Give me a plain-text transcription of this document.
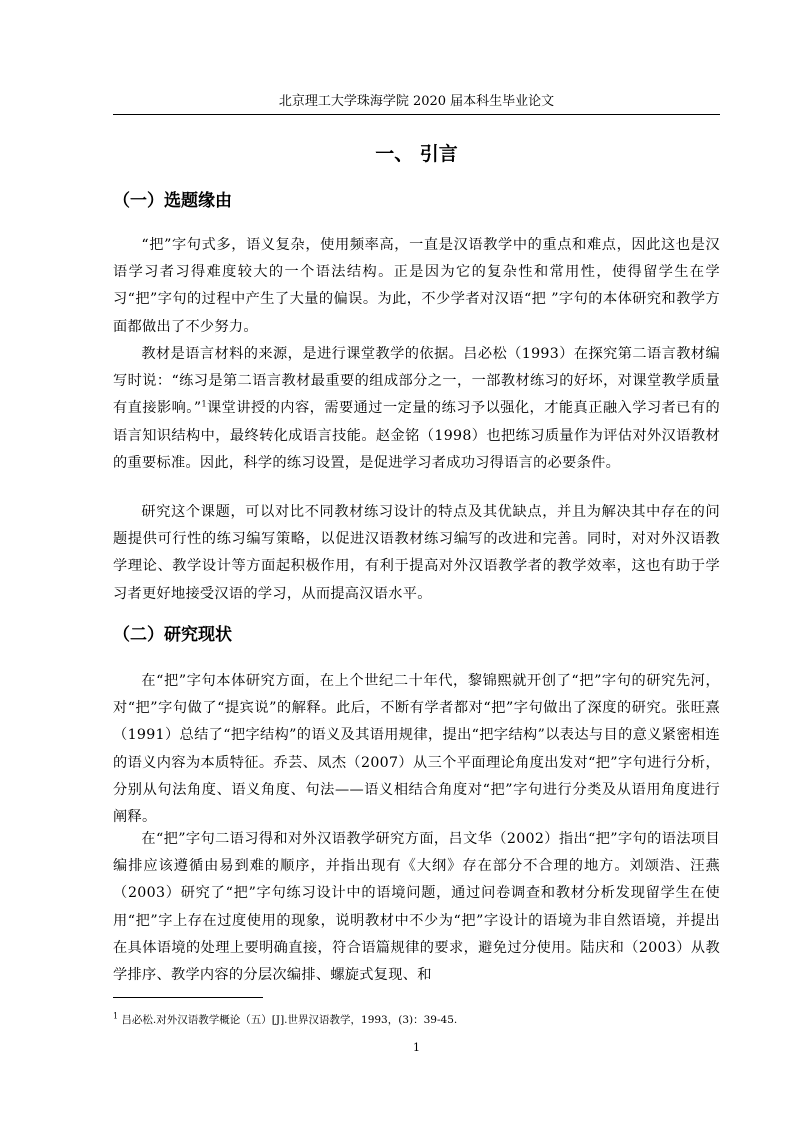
北京理工大学珠海学院 2020 届本科生毕业论文
一、 引言
（一）选题缘由

“把”字句式多，语义复杂，使用频率高，一直是汉语教学中的重点和难点，因此这也是汉语学习者习得难度较大的一个语法结构。正是因为它的复杂性和常用性，使得留学生在学习“把”字句的过程中产生了大量的偏误。为此，不少学者对汉语“把 ”字句的本体研究和教学方面都做出了不少努力。

教材是语言材料的来源，是进行课堂教学的依据。吕必松（1993）在探究第二语言教材编写时说：“练习是第二语言教材最重要的组成部分之一，一部教材练习的好坏，对课堂教学质量有直接影响。”$^1$课堂讲授的内容，需要通过一定量的练习予以强化，才能真正融入学习者已有的语言知识结构中，最终转化成语言技能。赵金铭（1998）也把练习质量作为评估对外汉语教材的重要标准。因此，科学的练习设置，是促进学习者成功习得语言的必要条件。

研究这个课题，可以对比不同教材练习设计的特点及其优缺点，并且为解决其中存在的问题提供可行性的练习编写策略，以促进汉语教材练习编写的改进和完善。同时，对对外汉语教学理论、教学设计等方面起积极作用，有利于提高对外汉语教学者的教学效率，这也有助于学习者更好地接受汉语的学习，从而提高汉语水平。

（二）研究现状

在“把”字句本体研究方面，在上个世纪二十年代，黎锦熙就开创了“把”字句的研究先河，对“把”字句做了“提宾说”的解释。此后，不断有学者都对“把”字句做出了深度的研究。张旺熹（1991）总结了“把字结构”的语义及其语用规律，提出“把字结构”以表达与目的意义紧密相连的语义内容为本质特征。乔芸、凤杰（2007）从三个平面理论角度出发对“把”字句进行分析，分别从句法角度、语义角度、句法——语义相结合角度对“把”字句进行分类及从语用角度进行阐释。

在“把”字句二语习得和对外汉语教学研究方面，吕文华（2002）指出“把”字句的语法项目编排应该遵循由易到难的顺序，并指出现有《大纲》存在部分不合理的地方。刘颂浩、汪燕（2003）研究了“把”字句练习设计中的语境问题，通过问卷调查和教材分析发现留学生在使用“把”字上存在过度使用的现象，说明教材中不少为“把”字设计的语境为非自然语境，并提出在具体语境的处理上要明确直接，符合语篇规律的要求，避免过分使用。陆庆和（2003）从教学排序、教学内容的分层次编排、螺旋式复现、和

$^1$ 吕必松.对外汉语教学概论（五）[J].世界汉语教学，1993，(3)：39-45.
1
